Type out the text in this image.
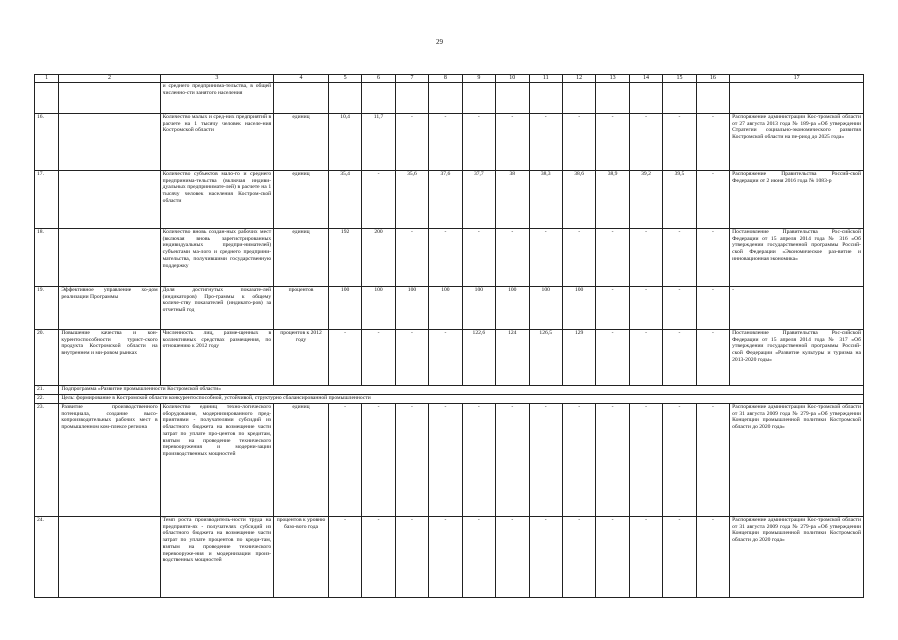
29
1	2	3	4	5	6	7	8	9	10	11	12	13	14	15	16	17
		и среднего предпринима-тельства, в общей численно-сти занятого населения														
16.		Количество малых и сред-них предприятий в расчете на 1 тысячу человек населе-ния Костромской области	единиц	10,4	11,7	-	-	-	-	-	-	-	-	-	-	Распоряжение администрации Кос-тромской области от 27 августа 2013 года № 189-ра «Об утверждении Стратегии социально-экономического развития Костромской области на пе-риод до 2025 года»
17.		Количество субъектов мало-го и среднего предпринима-тельства (включая индиви-дуальных предпринимате-лей) в расчете на 1 тысячу человек населения Костром-ской области	единиц	35,4	-	35,6	37,6	37,7	38	38,3	38,6	38,9	39,2	39,5	-	Распоряжение Правительства Россий-ской Федерации от 2 июня 2016 года № 1083-р
18.		Количество вновь создан-ных рабочих мест (включая вновь зарегистрированных индивидуальных предпри-нимателей) субъектами ма-лого и среднего предприни-мательства, получившими государственную поддержку	единиц	192	200	-	-	-	-	-	-	-	-	-	-	Постановление Правительства Рос-сийской Федерации от 15 апреля 2014 года № 316 «Об утверждении государственной программы Россий-ской Федерации «Экономическое раз-витие и инновационная экономика»
19.	Эффективное управление хо-дом реализации Программы	Доля достигнутых показате-лей (индикаторов) Про-граммы к общему количе-ству показателей (индикато-ров) за отчетный год	процентов	100	100	100	100	100	100	100	100	-	-	-	-	-
20.	Повышение качества и кон-курентоспособности турист-ского продукта Костромской области на внутреннем и ми-ровом рынках	Численность лиц, разме-щенных в коллективных средствах размещения, по отношению к 2012 году	процентов к 2012 году	-	-	-	-	122,6	124	126,5	129	-	-	-	-	Постановление Правительства Рос-сийской Федерации от 15 апреля 2014 года № 317 «Об утверждении государственной программы Россий-ской Федерации «Развитие культуры и туризма на 2013-2020 годы»
21.	Подпрограмма «Развитие промышленности Костромской области»															
22.	Цель: формирование в Костромской области конкурентоспособной, устойчивой, структурно сбалансированной промышленности															
23.	Развитие производственного потенциала, создание высо-копроизводительных рабочих мест в промышленном ком-плексе региона	Количество единиц техно-логического оборудования, модернизированного пред-приятиями - получателями субсидий из областного бюджета на возмещение части затрат по уплате про-центов по кредитам, взятым на проведение технического перевооружения и модерни-зации производственных мощностей	единиц	-	-	-	-	-	-	-	-	-	-	-	-	Распоряжение администрации Кос-тромской области от 31 августа 2009 года № 279-ра «Об утверждении Концепции промышленной политики Костромской области до 2020 года»
24.		Темп роста производитель-ности труда на предприяти-ях - получателях субсидий из областного бюджета на возмещение части затрат по уплате процентов по креди-там, взятым на проведение технического перевооруже-ния и модернизации произ-водственных мощностей	процентов к уровню базо-вого года	-	-	-	-	-	-	-	-	-	-	-	-	Распоряжение администрации Кос-тромской области от 31 августа 2009 года № 279-ра «Об утверждении Концепции промышленной политики Костромской области до 2020 года»
